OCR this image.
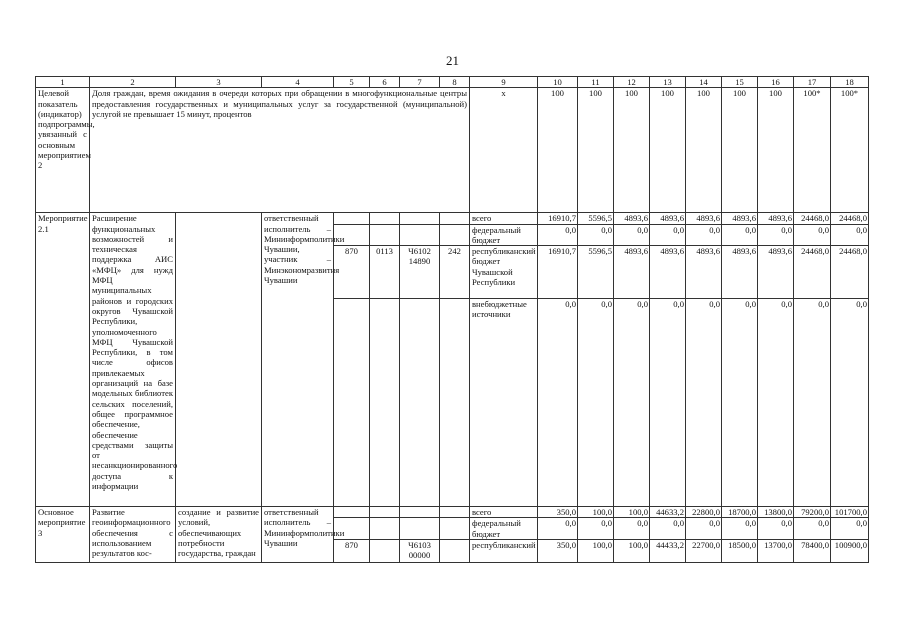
21
1	2	3	4	5	6	7	8	9	10	11	12	13	14	15	16	17	18
Целевой показатель (индикатор) подпрограммы, увязанный с основным мероприятием 2	Доля граждан, время ожидания в очереди которых при обращении в многофункциональные центры предоставления государственных и муниципальных услуг за государственной (муниципальной) услугой не превышает 15 минут, процентов							x	100	100	100	100	100	100	100	100*	100*
Мероприятие 2.1	Расширение функциональных возможностей и техническая поддержка АИС «МФЦ» для нужд МФЦ муниципальных районов и городских округов Чувашской Республики, уполномоченного МФЦ Чувашской Республики, в том числе офисов привлекаемых организаций на базе модельных библиотек сельских поселений, общее программное обеспечение, обеспечение средствами защиты от несанкционированного доступа к информации		ответственный исполнитель – Мининформполитики Чувашии, участник – Минэкономразвития Чувашии					всего	16910,7	5596,5	4893,6	4893,6	4893,6	4893,6	4893,6	24468,0	24468,0
								федеральный бюджет	0,0	0,0	0,0	0,0	0,0	0,0	0,0	0,0	0,0
				870	0113	Ч6102 14890	242	республиканский бюджет Чувашской Республики	16910,7	5596,5	4893,6	4893,6	4893,6	4893,6	4893,6	24468,0	24468,0
								внебюджетные источники	0,0	0,0	0,0	0,0	0,0	0,0	0,0	0,0	0,0
Основное мероприятие 3	Развитие геоинформационного обеспечения с использованием результатов кос-	создание и развитие условий, обеспечивающих потребности государства, граждан	ответственный исполнитель – Мининформполитики Чувашии					всего	350,0	100,0	100,0	44633,2	22800,0	18700,0	13800,0	79200,0	101700,0
								федеральный бюджет	0,0	0,0	0,0	0,0	0,0	0,0	0,0	0,0	0,0
				870		Ч6103 00000		республиканский	350,0	100,0	100,0	44433,2	22700,0	18500,0	13700,0	78400,0	100900,0
